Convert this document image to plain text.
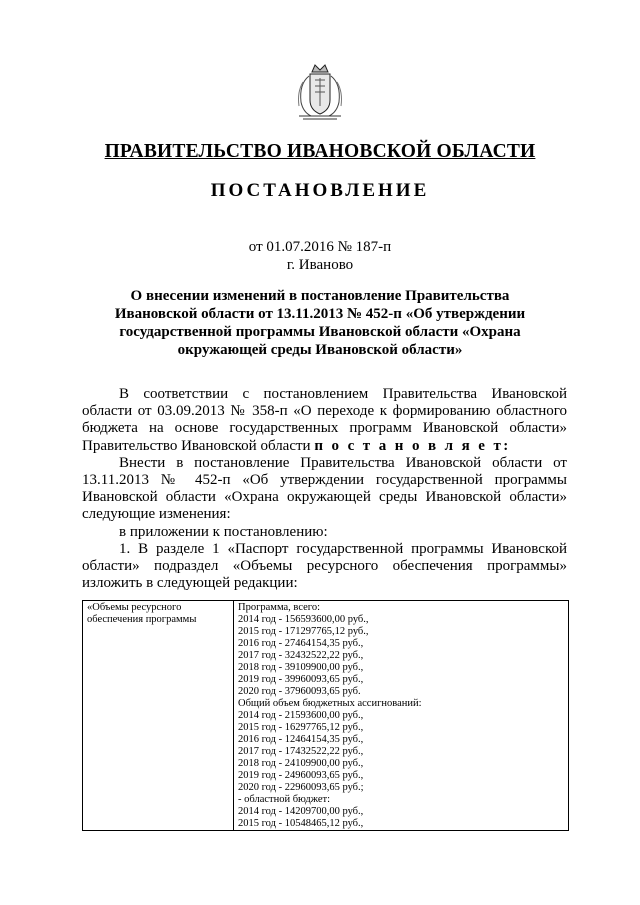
ПРАВИТЕЛЬСТВО ИВАНОВСКОЙ ОБЛАСТИ
ПОСТАНОВЛЕНИЕ
от 01.07.2016 № 187-п
г. Иваново
О внесении изменений в постановление Правительства
Ивановской области от 13.11.2013 № 452-п «Об утверждении
государственной программы Ивановской области «Охрана
окружающей среды Ивановской области»

В соответствии с постановлением Правительства Ивановской области от 03.09.2013 № 358-п «О переходе к формированию областного бюджета на основе государственных программ Ивановской области» Правительство Ивановской области п о с т а н о в л я е т:

Внести в постановление Правительства Ивановской области от 13.11.2013 № 452-п «Об утверждении государственной программы Ивановской области «Охрана окружающей среды Ивановской области» следующие изменения:

в приложении к постановлению:

1. В разделе 1 «Паспорт государственной программы Ивановской области» подраздел «Объемы ресурсного обеспечения программы» изложить в следующей редакции:

«Объемы ресурсного
обеспечения программы

Программа, всего:
2014 год - 156593600,00 руб.,
2015 год - 171297765,12 руб.,
2016 год - 27464154,35 руб.,
2017 год - 32432522,22 руб.,
2018 год - 39109900,00 руб.,
2019 год - 39960093,65 руб.,
2020 год - 37960093,65 руб.
Общий объем бюджетных ассигнований:
2014 год - 21593600,00 руб.,
2015 год - 16297765,12 руб.,
2016 год - 12464154,35 руб.,
2017 год - 17432522,22 руб.,
2018 год - 24109900,00 руб.,
2019 год - 24960093,65 руб.,
2020 год - 22960093,65 руб.;
- областной бюджет:
2014 год - 14209700,00 руб.,
2015 год - 10548465,12 руб.,
